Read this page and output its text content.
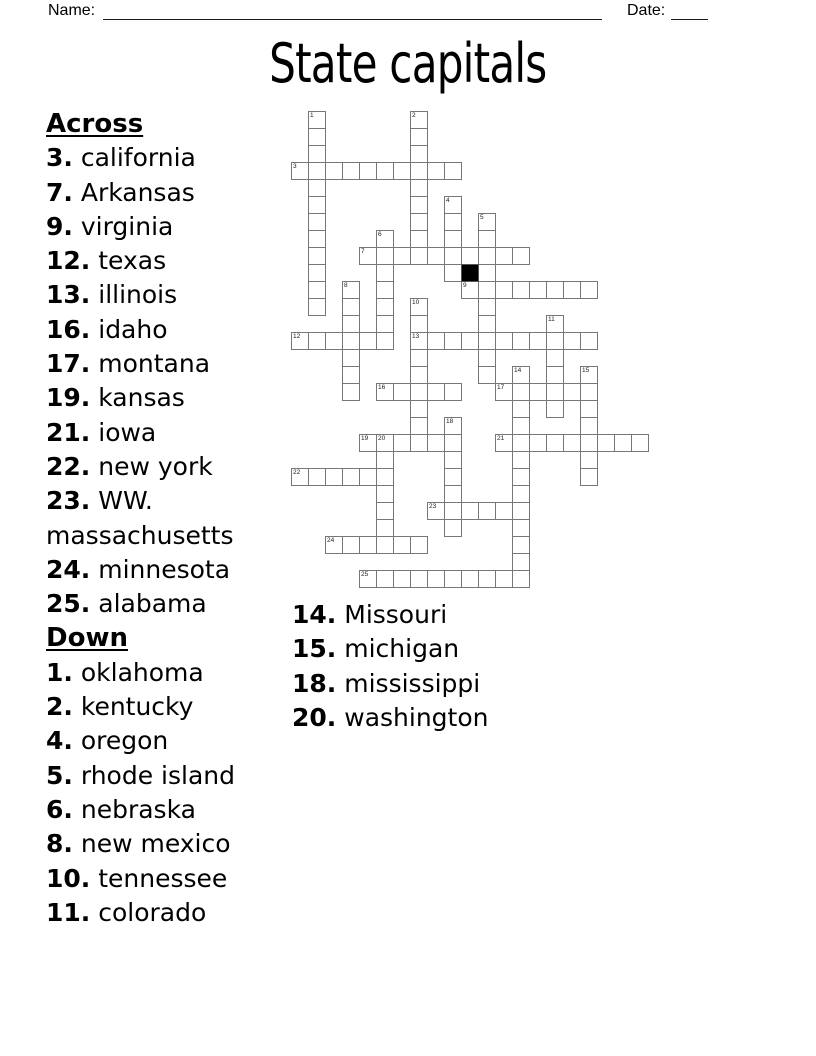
Name:	Date:
State capitals
Across
3. california
7. Arkansas
9. virginia
12. texas
13. illinois
16. idaho
17. montana
19. kansas
21. iowa
22. new york
23. WW. massachusetts
24. minnesota
25. alabama
Down
1. oklahoma
2. kentucky
4. oregon
5. rhode island
6. nebraska
8. new mexico
10. tennessee
11. colorado
14. Missouri
15. michigan
18. mississippi
20. washington
3
7
9
12	13
16	17
19 20	21
22
23
24
25
1	2
4
5
6
8
10
11
14	15
18
